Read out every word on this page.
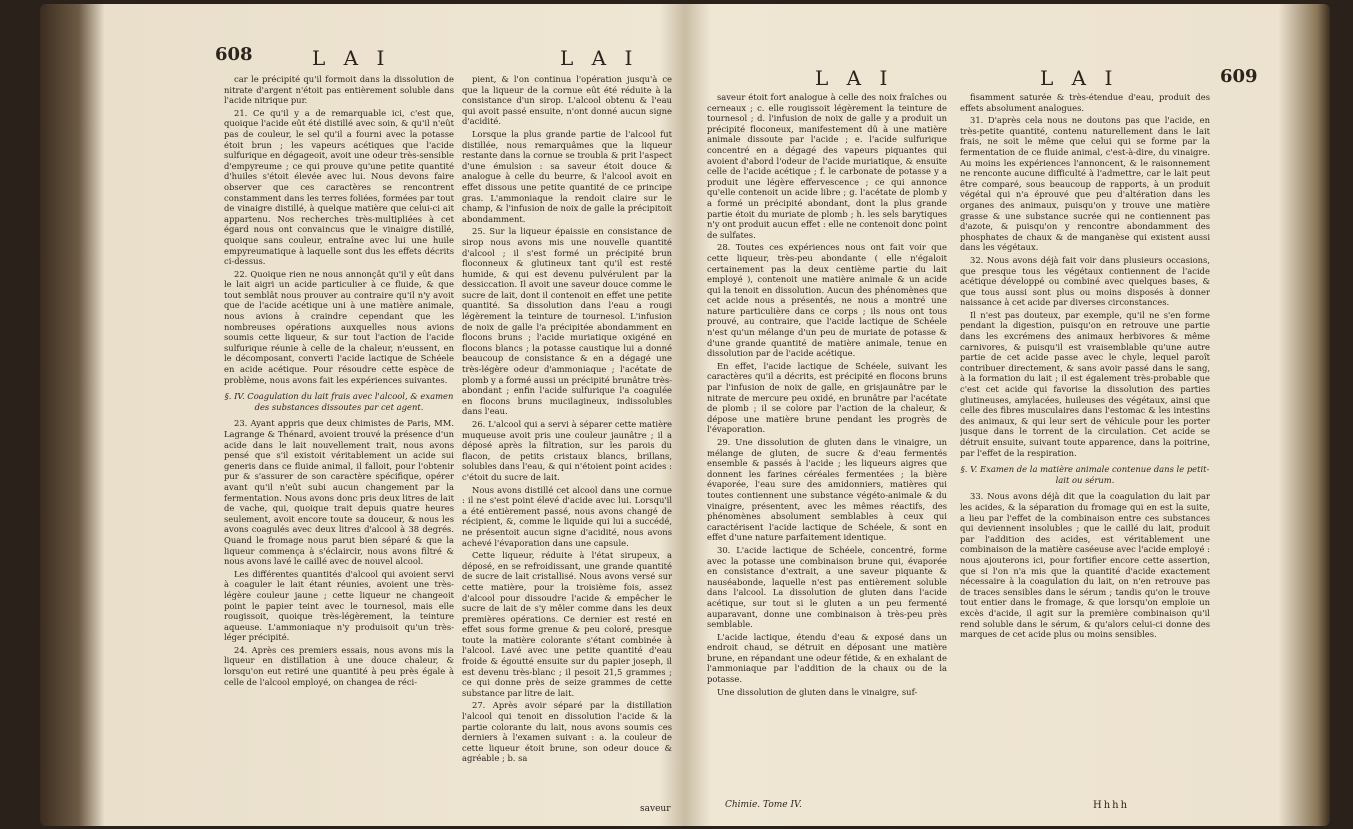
608	L A I	L A I

car le précipité qu'il formoit dans la dissolution de nitrate d'argent n'étoit pas entièrement soluble dans l'acide nitrique pur.

21. Ce qu'il y a de remarquable ici, c'est que, quoique l'acide eût été distillé avec soin, & qu'il n'eût pas de couleur, le sel qu'il a fourni avec la potasse étoit brun ; les vapeurs acétiques que l'acide sulfurique en dégageoit, avoit une odeur très-sensible d'empyreume ; ce qui prouve qu'une petite quantité d'huiles s'étoit élevée avec lui. Nous devons faire observer que ces caractères se rencontrent constamment dans les terres foliées, formées par tout de vinaigre distillé, à quelque matière que celui-ci ait appartenu. Nos recherches très-multipliées à cet égard nous ont convaincus que le vinaigre distillé, quoique sans couleur, entraîne avec lui une huile empyreumatique à laquelle sont dus les effets décrits ci-dessus.

22. Quoique rien ne nous annonçât qu'il y eût dans le lait aigri un acide particulier à ce fluide, & que tout semblât nous prouver au contraire qu'il n'y avoit que de l'acide acétique uni à une matière animale, nous avions à craindre cependant que les nombreuses opérations auxquelles nous avions soumis cette liqueur, & sur tout l'action de l'acide sulfurique réunie à celle de la chaleur, n'eussent, en le décomposant, converti l'acide lactique de Schéele en acide acétique. Pour résoudre cette espèce de problème, nous avons fait les expériences suivantes.

§. IV. Coagulation du lait frais avec l'alcool, & examen des substances dissoutes par cet agent.

23. Ayant appris que deux chimistes de Paris, MM. Lagrange & Thénard, avoient trouvé la présence d'un acide dans le lait nouvellement trait, nous avons pensé que s'il existoit véritablement un acide sui generis dans ce fluide animal, il falloit, pour l'obtenir pur & s'assurer de son caractère spécifique, opérer avant qu'il n'eût subi aucun changement par la fermentation. Nous avons donc pris deux litres de lait de vache, qui, quoique trait depuis quatre heures seulement, avoit encore toute sa douceur, & nous les avons coagulés avec deux litres d'alcool à 38 degrés. Quand le fromage nous parut bien séparé & que la liqueur commença à s'éclaircir, nous avons filtré & nous avons lavé le caillé avec de nouvel alcool.

Les différentes quantités d'alcool qui avoient servi à coaguler le lait étant réunies, avoient une très-légère couleur jaune ; cette liqueur ne changeoit point le papier teint avec le tournesol, mais elle rougissoit, quoique très-légèrement, la teinture aqueuse. L'ammoniaque n'y produisoit qu'un très-léger précipité.

24. Après ces premiers essais, nous avons mis la liqueur en distillation à une douce chaleur, & lorsqu'on eut retiré une quantité à peu près égale à celle de l'alcool employé, on changea de réci-

pient, & l'on continua l'opération jusqu'à ce que la liqueur de la cornue eût été réduite à la consistance d'un sirop. L'alcool obtenu & l'eau qui avoit passé ensuite, n'ont donné aucun signe d'acidité.

Lorsque la plus grande partie de l'alcool fut distillée, nous remarquâmes que la liqueur restante dans la cornue se troubla & prit l'aspect d'une émulsion : sa saveur étoit douce & analogue à celle du beurre, & l'alcool avoit en effet dissous une petite quantité de ce principe gras. L'ammoniaque la rendoit claire sur le champ, & l'infusion de noix de galle la précipitoit abondamment.

25. Sur la liqueur épaissie en consistance de sirop nous avons mis une nouvelle quantité d'alcool ; il s'est formé un précipité brun floconneux & glutineux tant qu'il est resté humide, & qui est devenu pulvérulent par la dessiccation. Il avoit une saveur douce comme le sucre de lait, dont il contenoit en effet une petite quantité. Sa dissolution dans l'eau a rougi légèrement la teinture de tournesol. L'infusion de noix de galle l'a précipitée abondamment en flocons bruns ; l'acide muriatique oxigéné en flocons blancs ; la potasse caustique lui a donné beaucoup de consistance & en a dégagé une très-légère odeur d'ammoniaque ; l'acétate de plomb y a formé aussi un précipité brunâtre très-abondant ; enfin l'acide sulfurique l'a coagulée en flocons bruns mucilagineux, indissolubles dans l'eau.

26. L'alcool qui a servi à séparer cette matière muqueuse avoit pris une couleur jaunâtre ; il a déposé après la filtration, sur les parois du flacon, de petits cristaux blancs, brillans, solubles dans l'eau, & qui n'étoient point acides : c'étoit du sucre de lait.

Nous avons distillé cet alcool dans une cornue : il ne s'est point élevé d'acide avec lui. Lorsqu'il a été entièrement passé, nous avons changé de récipient, &, comme le liquide qui lui a succédé, ne présentoit aucun signe d'acidité, nous avons achevé l'évaporation dans une capsule.

Cette liqueur, réduite à l'état sirupeux, a déposé, en se refroidissant, une grande quantité de sucre de lait cristallisé. Nous avons versé sur cette matière, pour la troisième fois, assez d'alcool pour dissoudre l'acide & empêcher le sucre de lait de s'y mêler comme dans les deux premières opérations. Ce dernier est resté en effet sous forme grenue & peu coloré, presque toute la matière colorante s'étant combinée à l'alcool. Lavé avec une petite quantité d'eau froide & égoutté ensuite sur du papier joseph, il est devenu très-blanc ; il pesoit 21,5 grammes ; ce qui donne près de seize grammes de cette substance par litre de lait.

27. Après avoir séparé par la distillation l'alcool qui tenoit en dissolution l'acide & la partie colorante du lait, nous avons soumis ces derniers à l'examen suivant : a. la couleur de cette liqueur étoit brune, son odeur douce & agréable ; b. sa

saveur
L A I	L A I	609

saveur étoit fort analogue à celle des noix fraîches ou cerneaux ; c. elle rougissoit légèrement la teinture de tournesol ; d. l'infusion de noix de galle y a produit un précipité floconeux, manifestement dû à une matière animale dissoute par l'acide ; e. l'acide sulfurique concentré en a dégagé des vapeurs piquantes qui avoient d'abord l'odeur de l'acide muriatique, & ensuite celle de l'acide acétique ; f. le carbonate de potasse y a produit une légère effervescence ; ce qui annonce qu'elle contenoit un acide libre ; g. l'acétate de plomb y a formé un précipité abondant, dont la plus grande partie étoit du muriate de plomb ; h. les sels barytiques n'y ont produit aucun effet : elle ne contenoit donc point de sulfates.

28. Toutes ces expériences nous ont fait voir que cette liqueur, très-peu abondante ( elle n'égaloit certainement pas la deux centième partie du lait employé ), contenoit une matière animale & un acide qui la tenoit en dissolution. Aucun des phénomènes que cet acide nous a présentés, ne nous a montré une nature particulière dans ce corps ; ils nous ont tous prouvé, au contraire, que l'acide lactique de Schéele n'est qu'un mélange d'un peu de muriate de potasse & d'une grande quantité de matière animale, tenue en dissolution par de l'acide acétique.

En effet, l'acide lactique de Schéele, suivant les caractères qu'il a décrits, est précipité en flocons bruns par l'infusion de noix de galle, en grisjaunâtre par le nitrate de mercure peu oxidé, en brunâtre par l'acétate de plomb ; il se colore par l'action de la chaleur, & dépose une matière brune pendant les progrès de l'évaporation.

29. Une dissolution de gluten dans le vinaigre, un mélange de gluten, de sucre & d'eau fermentés ensemble & passés à l'acide ; les liqueurs aigres que donnent les farines céréales fermentées ; la bière évaporée, l'eau sure des amidonniers, matières qui toutes contiennent une substance végéto-animale & du vinaigre, présentent, avec les mêmes réactifs, des phénomènes absolument semblables à ceux qui caractérisent l'acide lactique de Schéele, & sont en effet d'une nature parfaitement identique.

30. L'acide lactique de Schéele, concentré, forme avec la potasse une combinaison brune qui, évaporée en consistance d'extrait, a une saveur piquante & nauséabonde, laquelle n'est pas entièrement soluble dans l'alcool. La dissolution de gluten dans l'acide acétique, sur tout si le gluten a un peu fermenté auparavant, donne une combinaison à très-peu près semblable.

L'acide lactique, étendu d'eau & exposé dans un endroit chaud, se détruit en déposant une matière brune, en répandant une odeur fétide, & en exhalant de l'ammoniaque par l'addition de la chaux ou de la potasse.

Une dissolution de gluten dans le vinaigre, suf-

Chimie. Tome IV.

fisamment saturée & très-étendue d'eau, produit des effets absolument analogues.

31. D'après cela nous ne doutons pas que l'acide, en très-petite quantité, contenu naturellement dans le lait frais, ne soit le même que celui qui se forme par la fermentation de ce fluide animal, c'est-à-dire, du vinaigre. Au moins les expériences l'annoncent, & le raisonnement ne renconte aucune difficulté à l'admettre, car le lait peut être comparé, sous beaucoup de rapports, à un produit végétal qui n'a éprouvé que peu d'altération dans les organes des animaux, puisqu'on y trouve une matière grasse & une substance sucrée qui ne contiennent pas d'azote, & puisqu'on y rencontre abondamment des phosphates de chaux & de manganèse qui existent aussi dans les végétaux.

32. Nous avons déjà fait voir dans plusieurs occasions, que presque tous les végétaux contiennent de l'acide acétique développé ou combiné avec quelques bases, & que tous aussi sont plus ou moins disposés à donner naissance à cet acide par diverses circonstances.

Il n'est pas douteux, par exemple, qu'il ne s'en forme pendant la digestion, puisqu'on en retrouve une partie dans les excrémens des animaux herbivores & même carnivores, & puisqu'il est vraisemblable qu'une autre partie de cet acide passe avec le chyle, lequel paroît contribuer directement, & sans avoir passé dans le sang, à la formation du lait ; il est également très-probable que c'est cet acide qui favorise la dissolution des parties glutineuses, amylacées, huileuses des végétaux, ainsi que celle des fibres musculaires dans l'estomac & les intestins des animaux, & qui leur sert de véhicule pour les porter jusque dans le torrent de la circulation. Cet acide se détruit ensuite, suivant toute apparence, dans la poitrine, par l'effet de la respiration.

§. V. Examen de la matière animale contenue dans le petit-lait ou sérum.

33. Nous avons déjà dit que la coagulation du lait par les acides, & la séparation du fromage qui en est la suite, a lieu par l'effet de la combinaison entre ces substances qui deviennent insolubles ; que le caillé du lait, produit par l'addition des acides, est véritablement une combinaison de la matière caséeuse avec l'acide employé : nous ajouterons ici, pour fortifier encore cette assertion, que si l'on n'a mis que la quantité d'acide exactement nécessaire à la coagulation du lait, on n'en retrouve pas de traces sensibles dans le sérum ; tandis qu'on le trouve tout entier dans le fromage, & que lorsqu'on emploie un excès d'acide, il agit sur la première combinaison qu'il rend soluble dans le sérum, & qu'alors celui-ci donne des marques de cet acide plus ou moins sensibles.

Hhhh
